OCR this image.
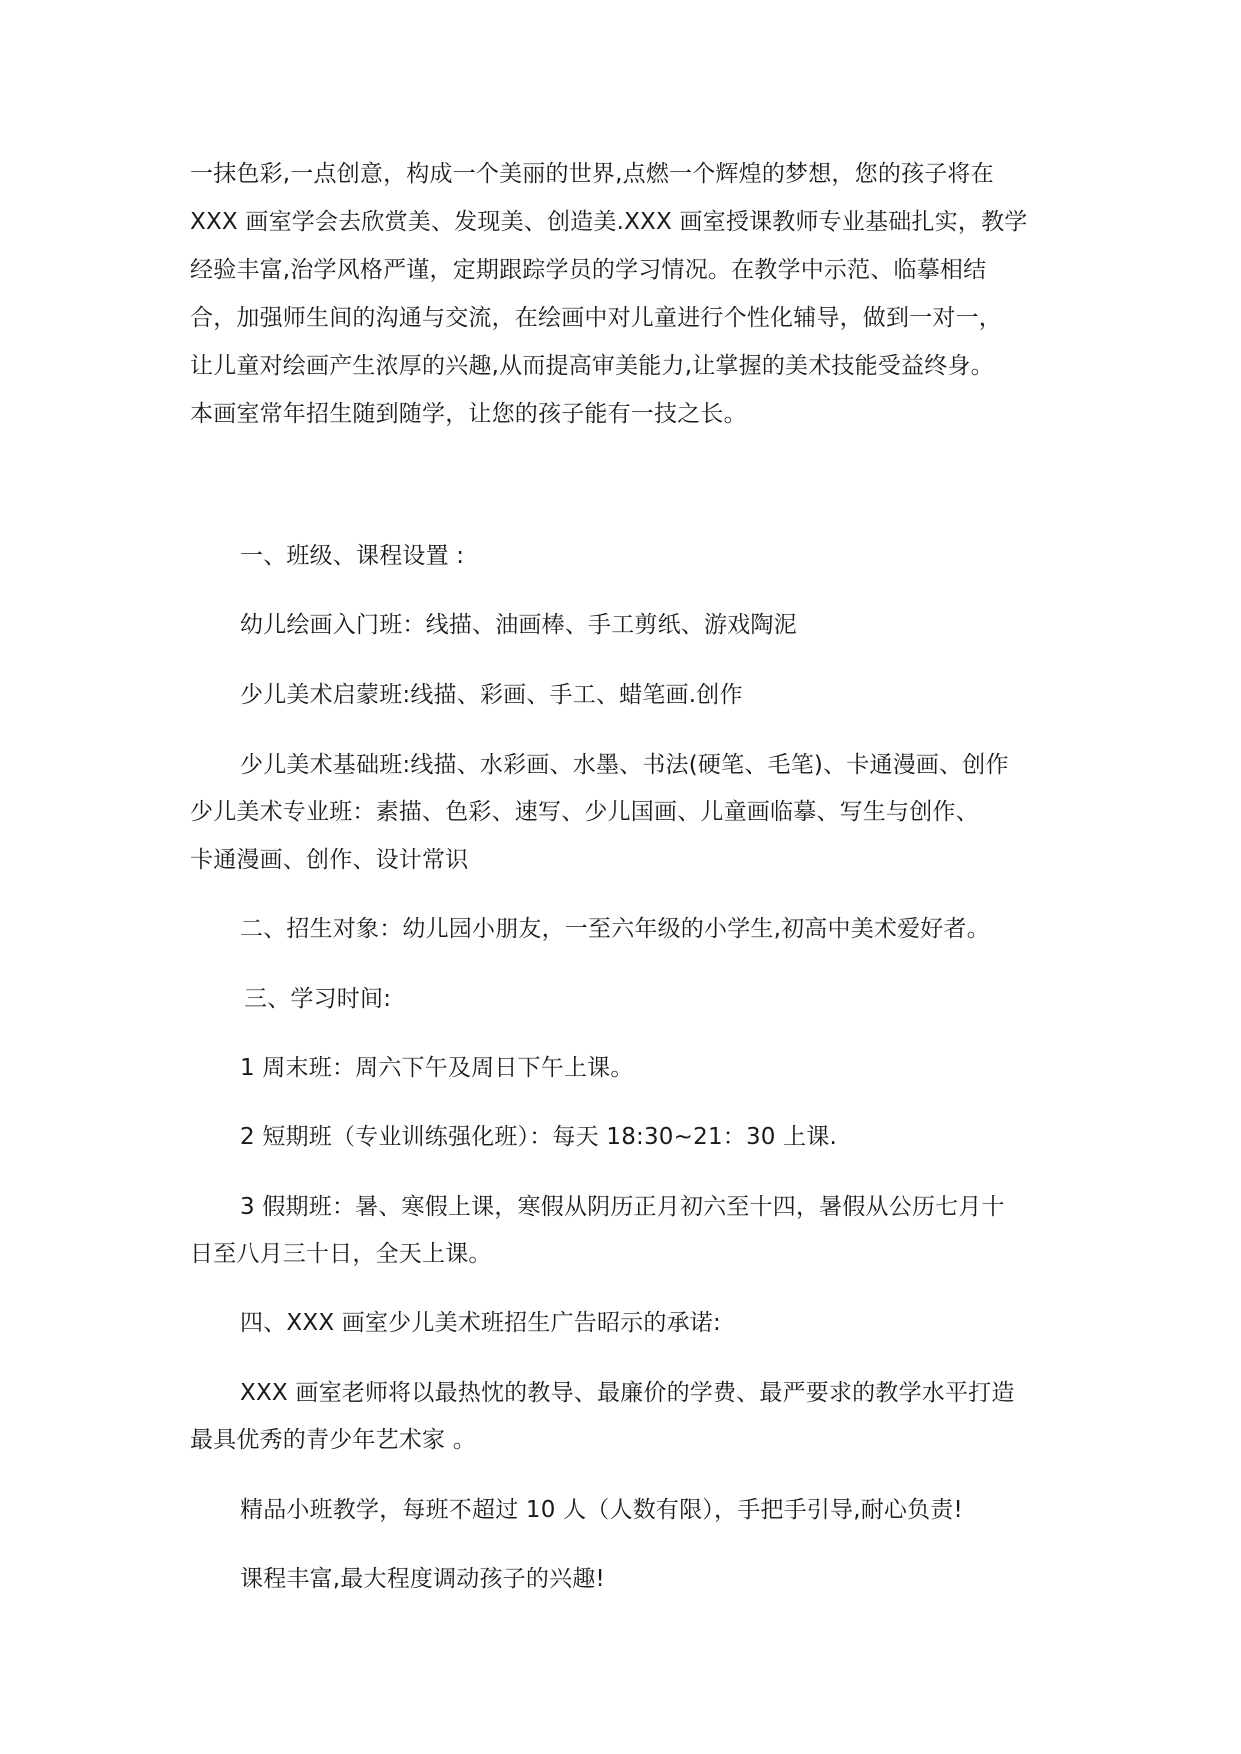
一抹色彩,一点创意，构成一个美丽的世界,点燃一个辉煌的梦想，您的孩子将在
XXX 画室学会去欣赏美、发现美、创造美.XXX 画室授课教师专业基础扎实，教学
经验丰富,治学风格严谨，定期跟踪学员的学习情况。在教学中示范、临摹相结
合，加强师生间的沟通与交流，在绘画中对儿童进行个性化辅导，做到一对一，
让儿童对绘画产生浓厚的兴趣,从而提高审美能力,让掌握的美术技能受益终身。
本画室常年招生随到随学，让您的孩子能有一技之长。
一、班级、课程设置 :
幼儿绘画入门班：线描、油画棒、手工剪纸、游戏陶泥
少儿美术启蒙班:线描、彩画、手工、蜡笔画.创作
少儿美术基础班:线描、水彩画、水墨、书法(硬笔、毛笔)、卡通漫画、创作
少儿美术专业班：素描、色彩、速写、少儿国画、儿童画临摹、写生与创作、
卡通漫画、创作、设计常识
二、招生对象：幼儿园小朋友，一至六年级的小学生,初高中美术爱好者。
三、学习时间:
1 周末班：周六下午及周日下午上课。
2 短期班（专业训练强化班）：每天 18:30~21：30 上课.
3 假期班：暑、寒假上课，寒假从阴历正月初六至十四，暑假从公历七月十
日至八月三十日，全天上课。
四、XXX 画室少儿美术班招生广告昭示的承诺:
XXX 画室老师将以最热忱的教导、最廉价的学费、最严要求的教学水平打造
最具优秀的青少年艺术家 。
精品小班教学，每班不超过 10 人（人数有限），手把手引导,耐心负责!
课程丰富,最大程度调动孩子的兴趣!
